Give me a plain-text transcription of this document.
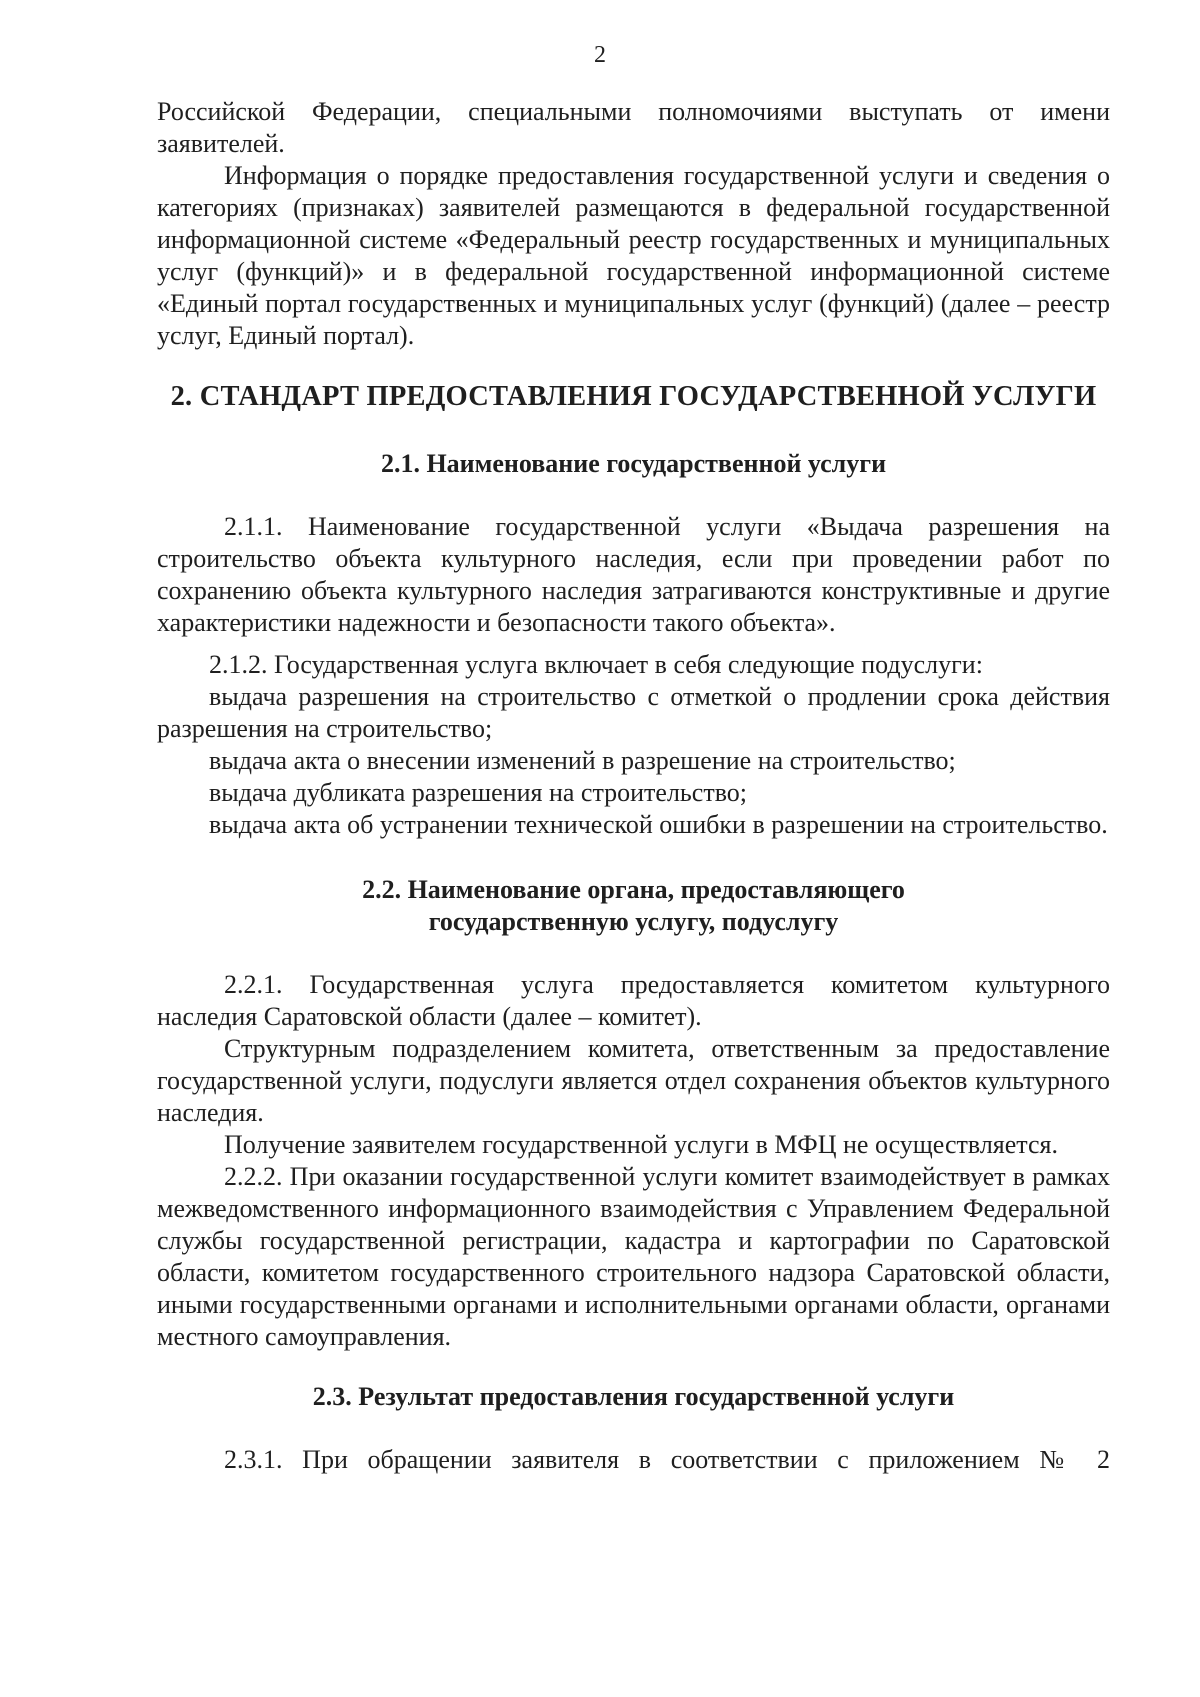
2

Российской Федерации, специальными полномочиями выступать от имени заявителей.

Информация о порядке предоставления государственной услуги и сведения о категориях (признаках) заявителей размещаются в федеральной государственной информационной системе «Федеральный реестр государственных и муниципальных услуг (функций)» и в федеральной государственной информационной системе «Единый портал государственных и муниципальных услуг (функций) (далее – реестр услуг, Единый портал).

2. СТАНДАРТ ПРЕДОСТАВЛЕНИЯ ГОСУДАРСТВЕННОЙ УСЛУГИ
2.1. Наименование государственной услуги

2.1.1. Наименование государственной услуги «Выдача разрешения на строительство объекта культурного наследия, если при проведении работ по сохранению объекта культурного наследия затрагиваются конструктивные и другие характеристики надежности и безопасности такого объекта».

2.1.2. Государственная услуга включает в себя следующие подуслуги:

выдача разрешения на строительство с отметкой о продлении срока действия разрешения на строительство;

выдача акта о внесении изменений в разрешение на строительство;

выдача дубликата разрешения на строительство;

выдача акта об устранении технической ошибки в разрешении на строительство.

2.2. Наименование органа, предоставляющего
государственную услугу, подуслугу

2.2.1. Государственная услуга предоставляется комитетом культурного наследия Саратовской области (далее – комитет).

Структурным подразделением комитета, ответственным за предоставление государственной услуги, подуслуги является отдел сохранения объектов культурного наследия.

Получение заявителем государственной услуги в МФЦ не осуществляется.

2.2.2. При оказании государственной услуги комитет взаимодействует в рамках межведомственного информационного взаимодействия с Управлением Федеральной службы государственной регистрации, кадастра и картографии по Саратовской области, комитетом государственного строительного надзора Саратовской области, иными государственными органами и исполнительными органами области, органами местного самоуправления.

2.3. Результат предоставления государственной услуги

2.3.1. При обращении заявителя в соответствии с приложением № 2
